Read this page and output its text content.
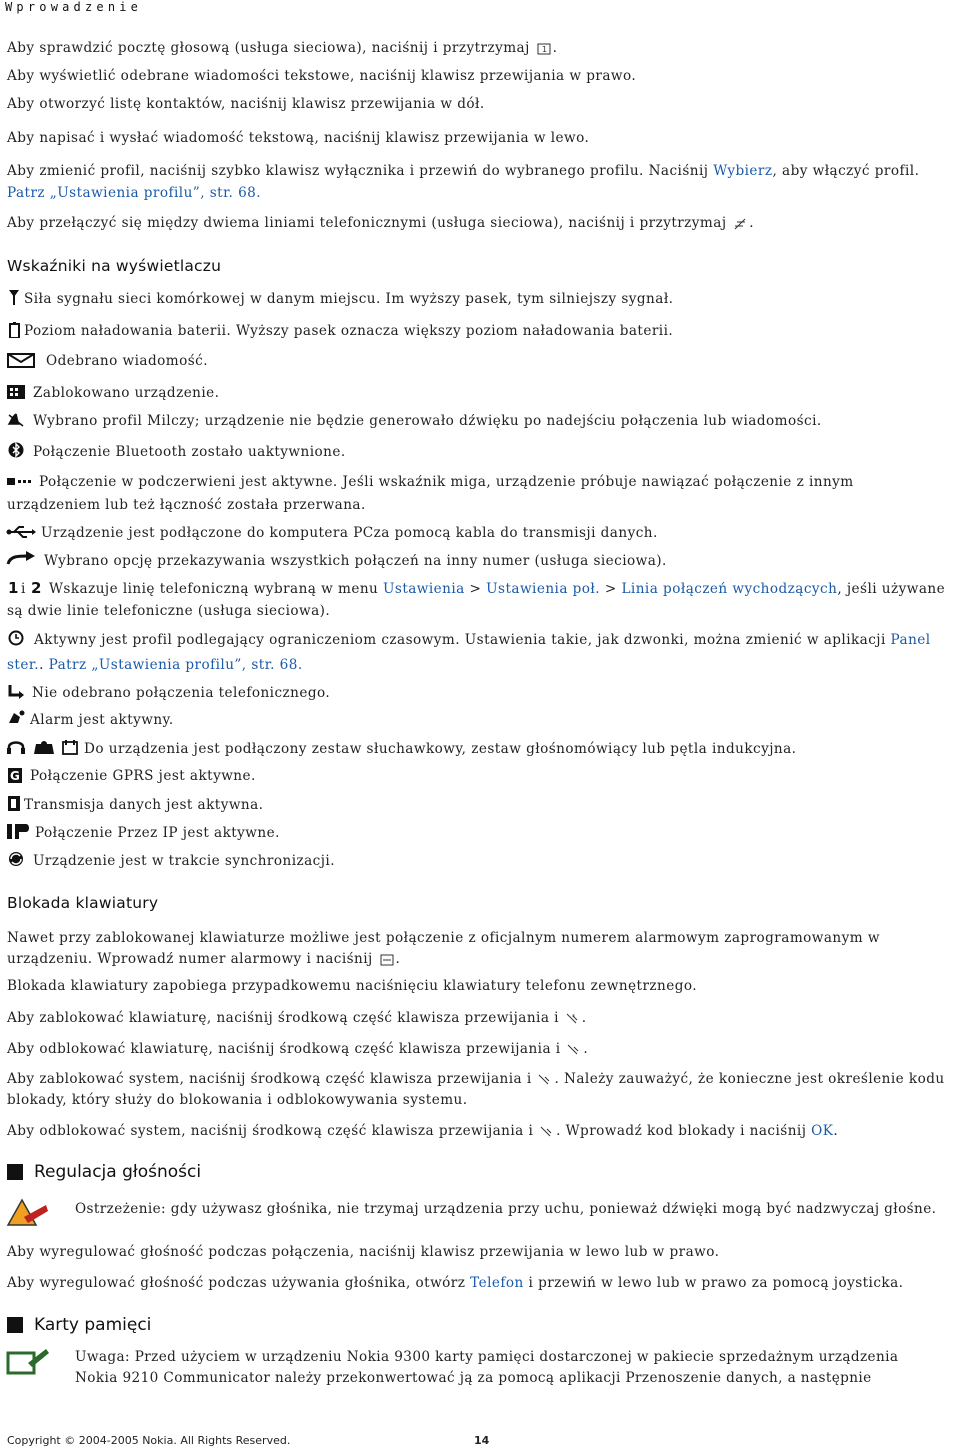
Wprowadzenie
Aby sprawdzić pocztę głosową (usługa sieciowa), naciśnij i przytrzymaj 1 .
Aby wyświetlić odebrane wiadomości tekstowe, naciśnij klawisz przewijania w prawo.
Aby otworzyć listę kontaktów, naciśnij klawisz przewijania w dół.
Aby napisać i wysłać wiadomość tekstową, naciśnij klawisz przewijania w lewo.
Aby zmienić profil, naciśnij szybko klawisz wyłącznika i przewiń do wybranego profilu. Naciśnij Wybierz, aby włączyć profil.
Patrz „Ustawienia profilu”, str. 68.
Aby przełączyć się między dwiema liniami telefonicznymi (usługa sieciowa), naciśnij i przytrzymaj .
Wskaźniki na wyświetlaczu
Siła sygnału sieci komórkowej w danym miejscu. Im wyższy pasek, tym silniejszy sygnał.
Poziom naładowania baterii. Wyższy pasek oznacza większy poziom naładowania baterii.
Odebrano wiadomość.
Zablokowano urządzenie.
Wybrano profil Milczy; urządzenie nie będzie generowało dźwięku po nadejściu połączenia lub wiadomości.
Połączenie Bluetooth zostało uaktywnione.
Połączenie w podczerwieni jest aktywne. Jeśli wskaźnik miga, urządzenie próbuje nawiązać połączenie z innym
urządzeniem lub też łączność została przerwana.
Urządzenie jest podłączone do komputera PCza pomocą kabla do transmisji danych.
Wybrano opcję przekazywania wszystkich połączeń na inny numer (usługa sieciowa).
1 i 2 Wskazuje linię telefoniczną wybraną w menu Ustawienia > Ustawienia poł. > Linia połączeń wychodzących, jeśli używane
są dwie linie telefoniczne (usługa sieciowa).
Aktywny jest profil podlegający ograniczeniom czasowym. Ustawienia takie, jak dzwonki, można zmienić w aplikacji Panel
ster.. Patrz „Ustawienia profilu”, str. 68.
Nie odebrano połączenia telefonicznego.
Alarm jest aktywny.
Do urządzenia jest podłączony zestaw słuchawkowy, zestaw głośnomówiący lub pętla indukcyjna.
G Połączenie GPRS jest aktywne.
Transmisja danych jest aktywna.
Połączenie Przez IP jest aktywne.
Urządzenie jest w trakcie synchronizacji.
Blokada klawiatury
Nawet przy zablokowanej klawiaturze możliwe jest połączenie z oficjalnym numerem alarmowym zaprogramowanym w
urządzeniu. Wprowadź numer alarmowy i naciśnij .
Blokada klawiatury zapobiega przypadkowemu naciśnięciu klawiatury telefonu zewnętrznego.
Aby zablokować klawiaturę, naciśnij środkową część klawisza przewijania i * .
Aby odblokować klawiaturę, naciśnij środkową część klawisza przewijania i .
Aby zablokować system, naciśnij środkową część klawisza przewijania i . Należy zauważyć, że konieczne jest określenie kodu
blokady, który służy do blokowania i odblokowywania systemu.
Aby odblokować system, naciśnij środkową część klawisza przewijania i . Wprowadź kod blokady i naciśnij OK.
Regulacja głośności
Ostrzeżenie: gdy używasz głośnika, nie trzymaj urządzenia przy uchu, ponieważ dźwięki mogą być nadzwyczaj głośne.
Aby wyregulować głośność podczas połączenia, naciśnij klawisz przewijania w lewo lub w prawo.
Aby wyregulować głośność podczas używania głośnika, otwórz Telefon i przewiń w lewo lub w prawo za pomocą joysticka.
Karty pamięci
Uwaga: Przed użyciem w urządzeniu Nokia 9300 karty pamięci dostarczonej w pakiecie sprzedażnym urządzenia
Nokia 9210 Communicator należy przekonwertować ją za pomocą aplikacji Przenoszenie danych, a następnie
Copyright © 2004-2005 Nokia. All Rights Reserved.	14
